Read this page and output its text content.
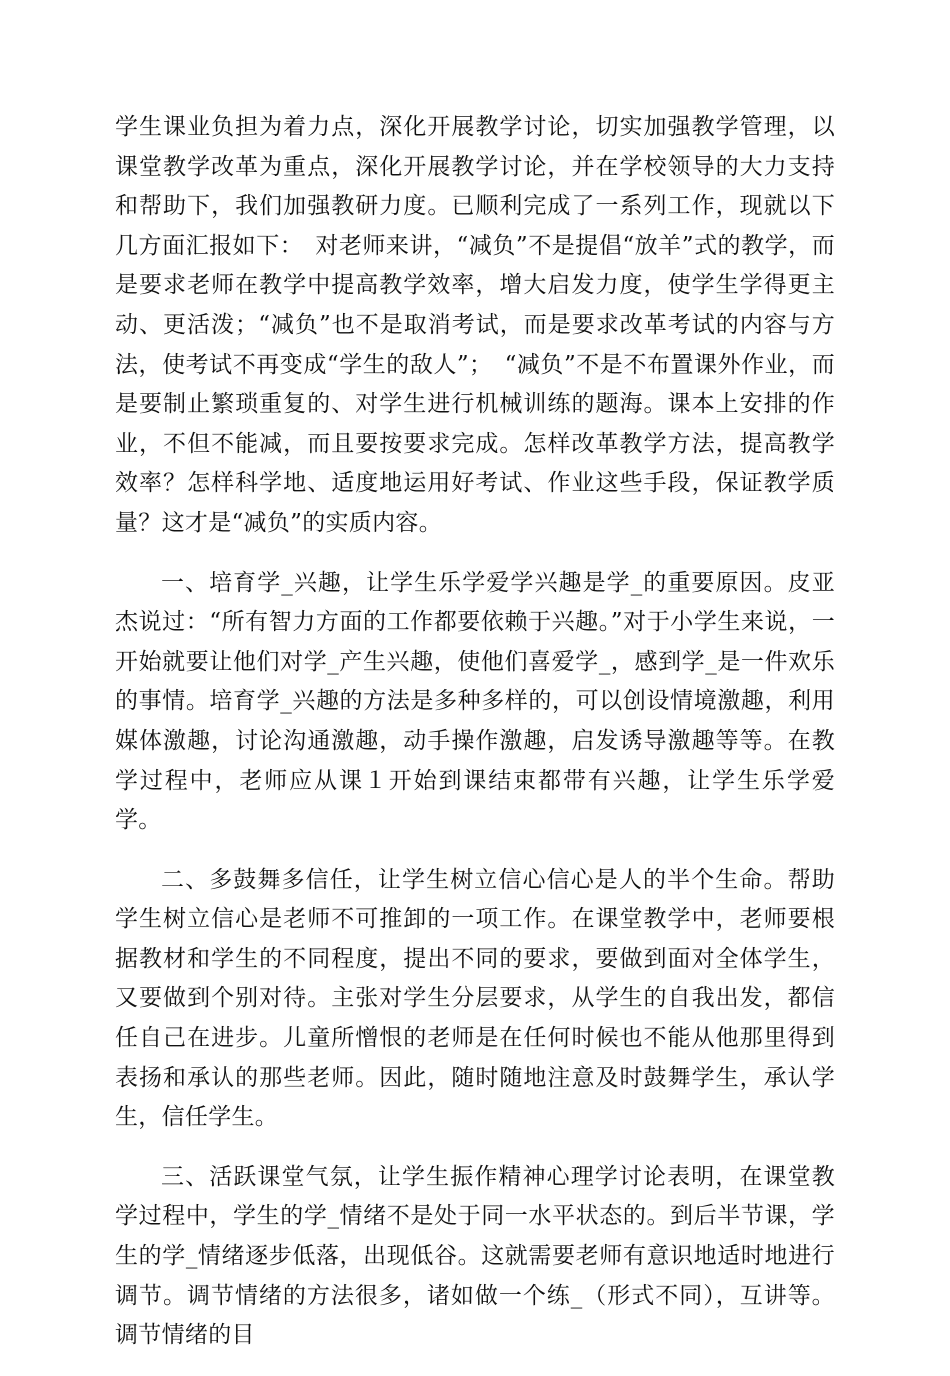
学生课业负担为着力点，深化开展教学讨论，切实加强教学管理，以课堂教学改革为重点，深化开展教学讨论，并在学校领导的大力支持和帮助下，我们加强教研力度。已顺利完成了一系列工作，现就以下几方面汇报如下：　对老师来讲，“减负”不是提倡“放羊”式的教学，而是要求老师在教学中提高教学效率，增大启发力度，使学生学得更主动、更活泼；“减负”也不是取消考试，而是要求改革考试的内容与方法，使考试不再变成“学生的敌人”；　“减负”不是不布置课外作业，而是要制止繁琐重复的、对学生进行机械训练的题海。课本上安排的作业，不但不能减，而且要按要求完成。怎样改革教学方法，提高教学效率？怎样科学地、适度地运用好考试、作业这些手段，保证教学质量？这才是“减负”的实质内容。

一、培育学_兴趣，让学生乐学爱学兴趣是学_的重要原因。皮亚杰说过：“所有智力方面的工作都要依赖于兴趣。”对于小学生来说，一开始就要让他们对学_产生兴趣，使他们喜爱学_，感到学_是一件欢乐的事情。培育学_兴趣的方法是多种多样的，可以创设情境激趣，利用媒体激趣，讨论沟通激趣，动手操作激趣，启发诱导激趣等等。在教学过程中，老师应从课１开始到课结束都带有兴趣，让学生乐学爱学。

二、多鼓舞多信任，让学生树立信心信心是人的半个生命。帮助学生树立信心是老师不可推卸的一项工作。在课堂教学中，老师要根据教材和学生的不同程度，提出不同的要求，要做到面对全体学生，又要做到个别对待。主张对学生分层要求，从学生的自我出发，都信任自己在进步。儿童所憎恨的老师是在任何时候也不能从他那里得到表扬和承认的那些老师。因此，随时随地注意及时鼓舞学生，承认学生，信任学生。

三、活跃课堂气氛，让学生振作精神心理学讨论表明，在课堂教学过程中，学生的学_情绪不是处于同一水平状态的。到后半节课，学生的学_情绪逐步低落，出现低谷。这就需要老师有意识地适时地进行调节。调节情绪的方法很多，诸如做一个练_（形式不同），互讲等。调节情绪的目
